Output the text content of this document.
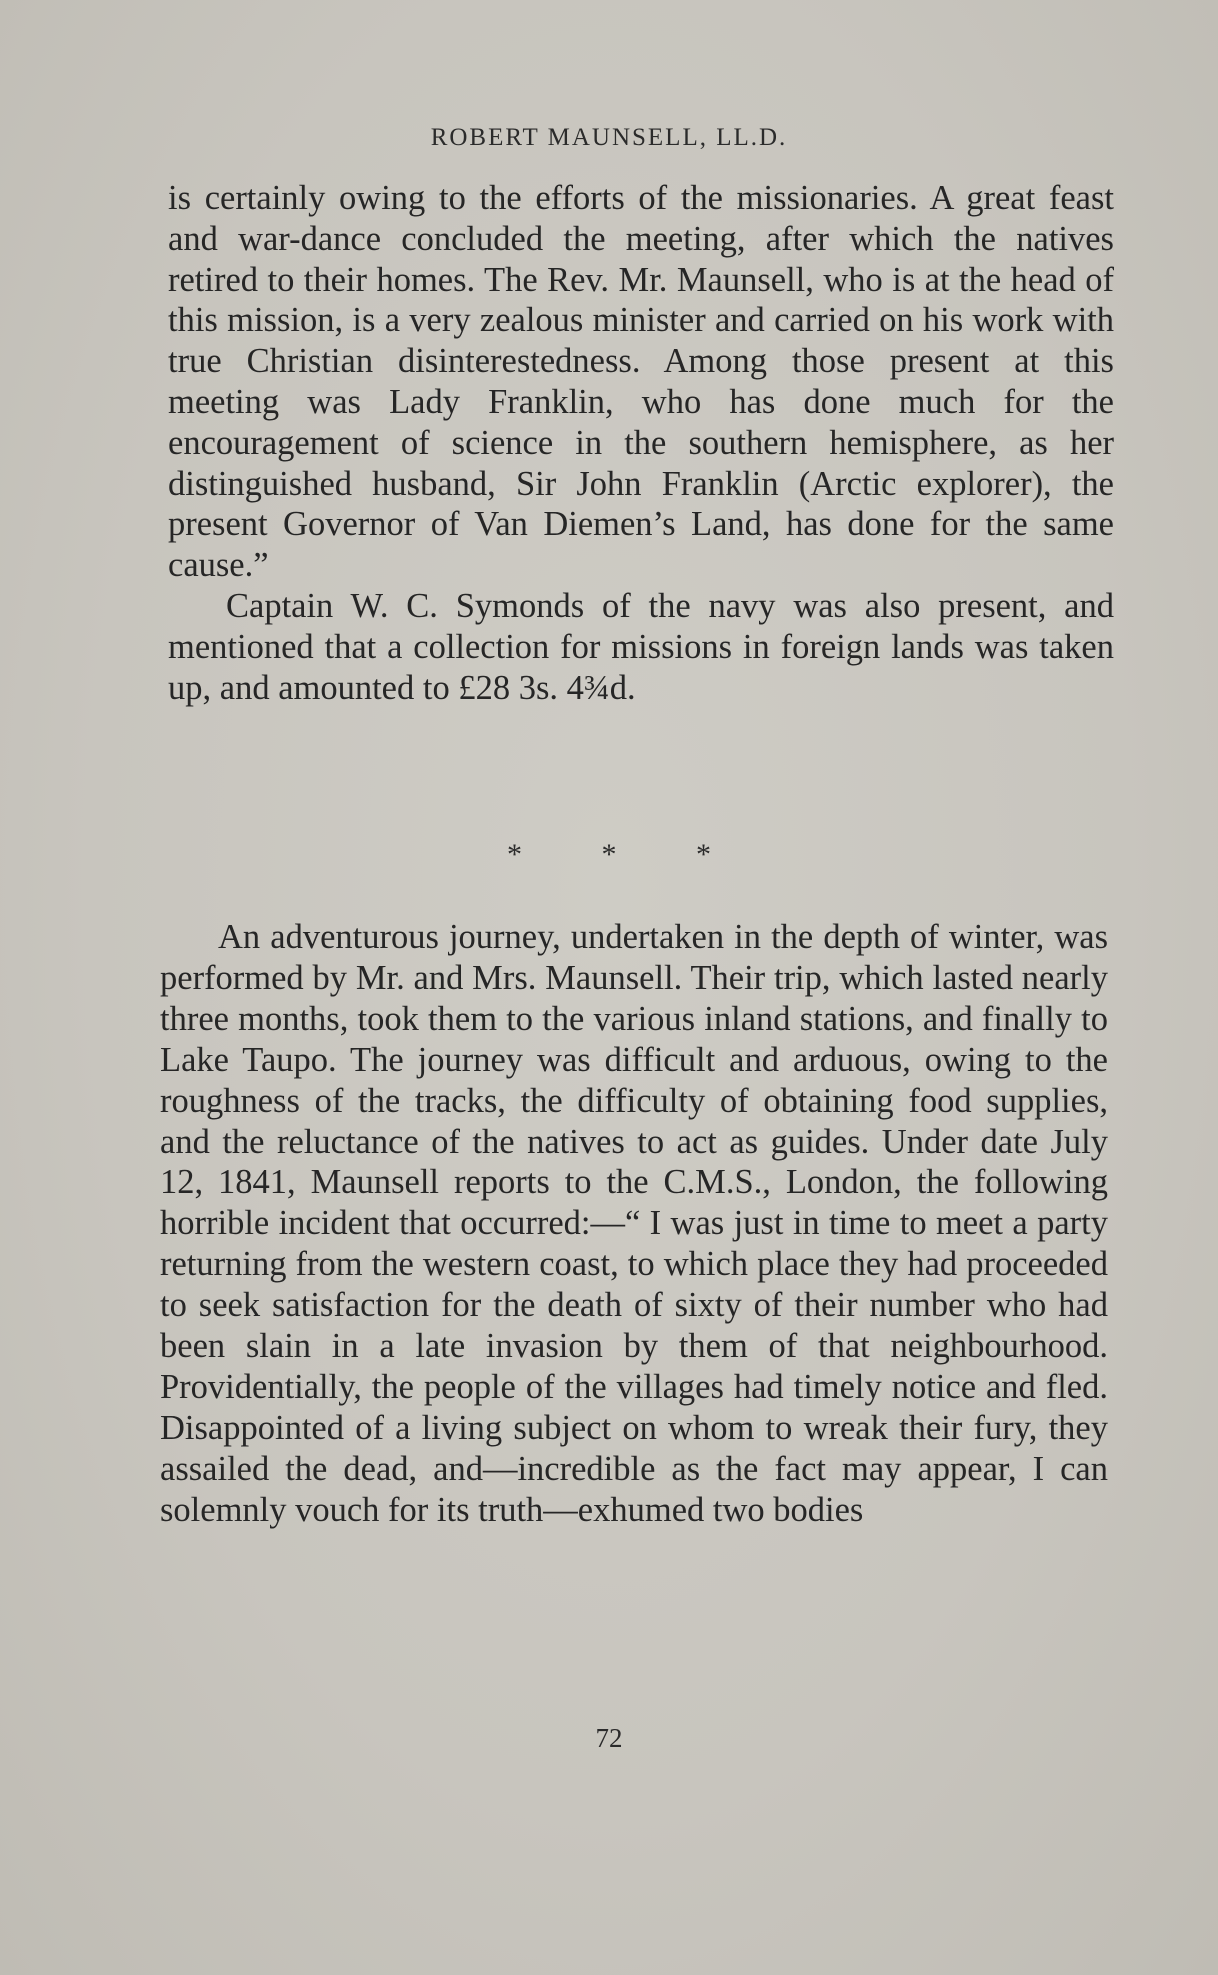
ROBERT MAUNSELL, LL.D.

is certainly owing to the efforts of the missionaries. A great feast and war-dance concluded the meeting, after which the natives retired to their homes. The Rev. Mr. Maunsell, who is at the head of this mission, is a very zealous minister and carried on his work with true Christian disinterestedness. Among those present at this meeting was Lady Franklin, who has done much for the encouragement of science in the southern hemisphere, as her distinguished husband, Sir John Franklin (Arctic explorer), the present Governor of Van Diemen’s Land, has done for the same cause.”

Captain W. C. Symonds of the navy was also present, and mentioned that a collection for missions in foreign lands was taken up, and amounted to £28 3s. 4¾d.

*	*	*

An adventurous journey, undertaken in the depth of winter, was performed by Mr. and Mrs. Maunsell. Their trip, which lasted nearly three months, took them to the various inland stations, and finally to Lake Taupo. The journey was difficult and arduous, owing to the roughness of the tracks, the difficulty of obtaining food supplies, and the reluctance of the natives to act as guides. Under date July 12, 1841, Maunsell reports to the C.M.S., London, the following horrible incident that occurred:—“ I was just in time to meet a party returning from the western coast, to which place they had proceeded to seek satisfaction for the death of sixty of their number who had been slain in a late invasion by them of that neighbourhood. Providentially, the people of the villages had timely notice and fled. Disappointed of a living subject on whom to wreak their fury, they assailed the dead, and—incredible as the fact may appear, I can solemnly vouch for its truth—exhumed two bodies

72
